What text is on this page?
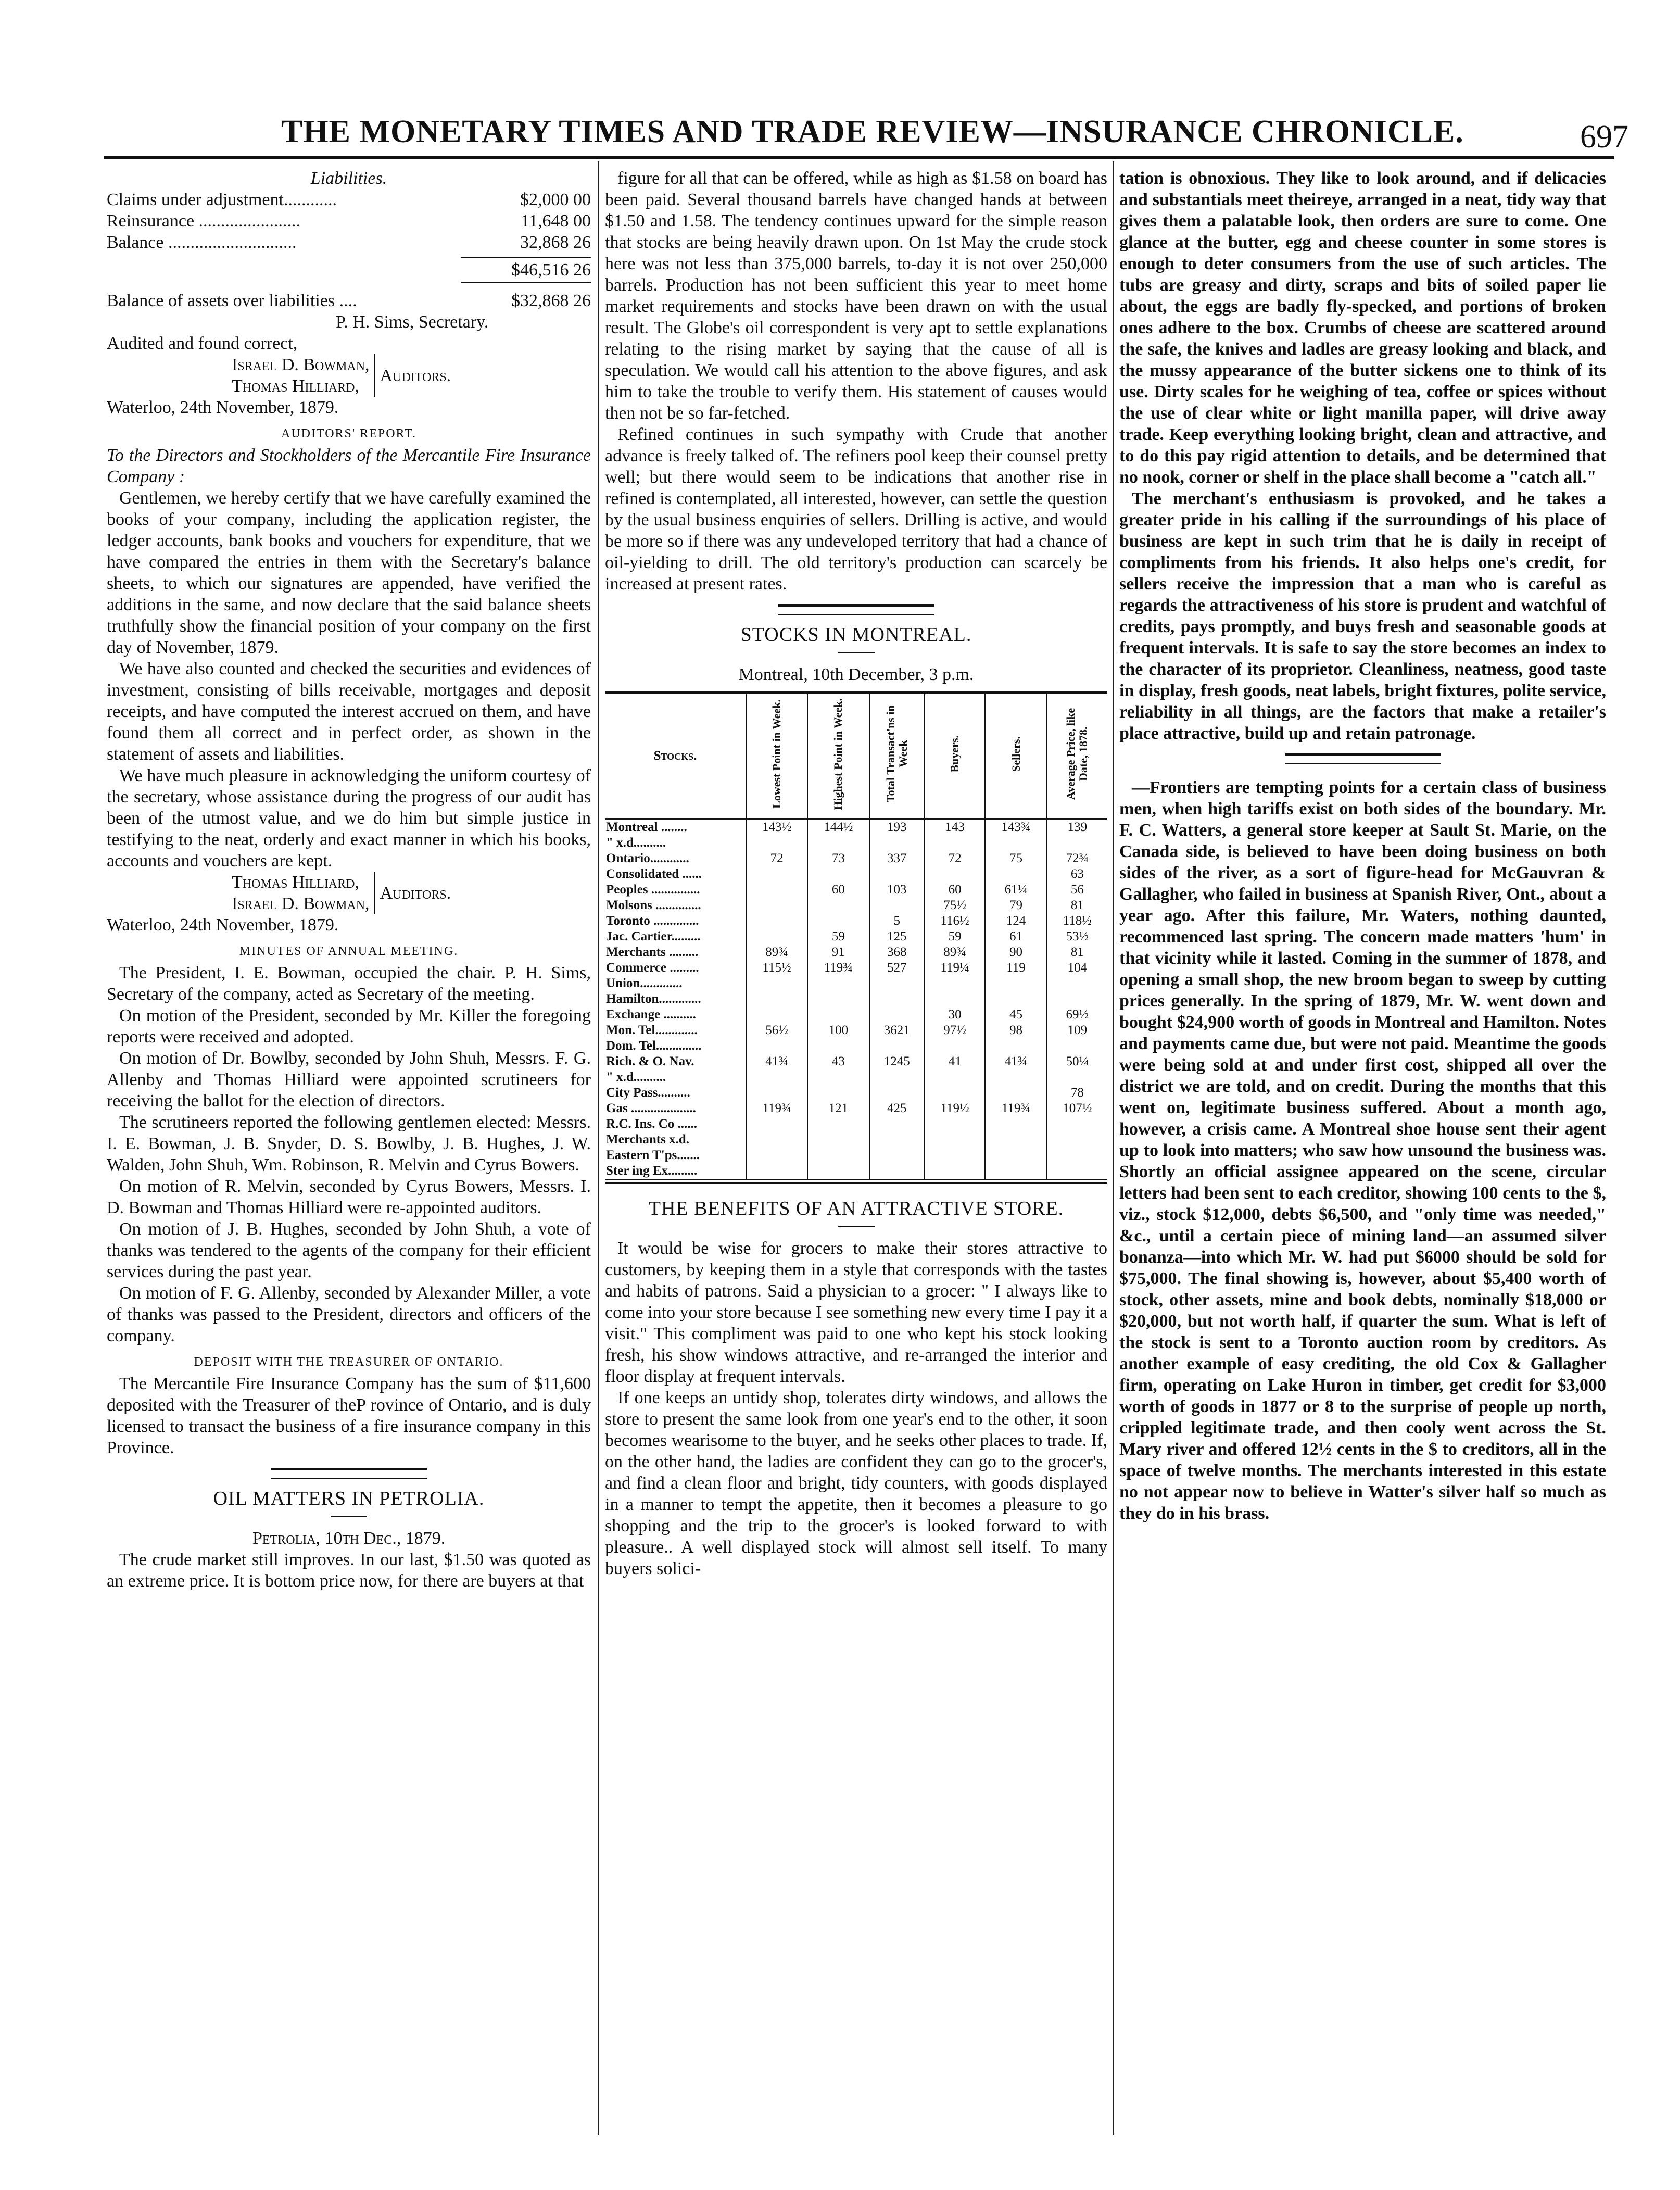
THE MONETARY TIMES AND TRADE REVIEW—INSURANCE CHRONICLE.	697

Liabilities.

Claims under adjustment............	$2,000 00
Reinsurance .......................	11,648 00
Balance .............................	32,868 26
$46,516 26
Balance of assets over liabilities ....	$32,868 26

P. H. Sims, Secretary.

Audited and found correct,

Israel D. Bowman,
Thomas Hilliard,
Auditors.

Waterloo, 24th November, 1879.

AUDITORS' REPORT.

To the Directors and Stockholders of the Mercantile Fire Insurance Company :

Gentlemen, we hereby certify that we have carefully examined the books of your company, including the application register, the ledger accounts, bank books and vouchers for expenditure, that we have compared the entries in them with the Secretary's balance sheets, to which our signatures are appended, have verified the additions in the same, and now declare that the said balance sheets truthfully show the financial position of your company on the first day of November, 1879.

We have also counted and checked the securities and evidences of investment, consisting of bills receivable, mortgages and deposit receipts, and have computed the interest accrued on them, and have found them all correct and in perfect order, as shown in the statement of assets and liabilities.

We have much pleasure in acknowledging the uniform courtesy of the secretary, whose assistance during the progress of our audit has been of the utmost value, and we do him but simple justice in testifying to the neat, orderly and exact manner in which his books, accounts and vouchers are kept.

Thomas Hilliard,
Israel D. Bowman,
Auditors.

Waterloo, 24th November, 1879.

MINUTES OF ANNUAL MEETING.

The President, I. E. Bowman, occupied the chair. P. H. Sims, Secretary of the company, acted as Secretary of the meeting.

On motion of the President, seconded by Mr. Killer the foregoing reports were received and adopted.

On motion of Dr. Bowlby, seconded by John Shuh, Messrs. F. G. Allenby and Thomas Hilliard were appointed scrutineers for receiving the ballot for the election of directors.

The scrutineers reported the following gentlemen elected: Messrs. I. E. Bowman, J. B. Snyder, D. S. Bowlby, J. B. Hughes, J. W. Walden, John Shuh, Wm. Robinson, R. Melvin and Cyrus Bowers.

On motion of R. Melvin, seconded by Cyrus Bowers, Messrs. I. D. Bowman and Thomas Hilliard were re-appointed auditors.

On motion of J. B. Hughes, seconded by John Shuh, a vote of thanks was tendered to the agents of the company for their efficient services during the past year.

On motion of F. G. Allenby, seconded by Alexander Miller, a vote of thanks was passed to the President, directors and officers of the company.

DEPOSIT WITH THE TREASURER OF ONTARIO.

The Mercantile Fire Insurance Company has the sum of $11,600 deposited with the Treasurer of theP rovince of Ontario, and is duly licensed to transact the business of a fire insurance company in this Province.

OIL MATTERS IN PETROLIA.

Petrolia, 10th Dec., 1879.

The crude market still improves. In our last, $1.50 was quoted as an extreme price. It is bottom price now, for there are buyers at that

figure for all that can be offered, while as high as $1.58 on board has been paid. Several thousand barrels have changed hands at between $1.50 and 1.58. The tendency continues upward for the simple reason that stocks are being heavily drawn upon. On 1st May the crude stock here was not less than 375,000 barrels, to-day it is not over 250,000 barrels. Production has not been sufficient this year to meet home market requirements and stocks have been drawn on with the usual result. The Globe's oil correspondent is very apt to settle explanations relating to the rising market by saying that the cause of all is speculation. We would call his attention to the above figures, and ask him to take the trouble to verify them. His statement of causes would then not be so far-fetched.

Refined continues in such sympathy with Crude that another advance is freely talked of. The refiners pool keep their counsel pretty well; but there would seem to be indications that another rise in refined is contemplated, all interested, however, can settle the question by the usual business enquiries of sellers. Drilling is active, and would be more so if there was any undeveloped territory that had a chance of oil-yielding to drill. The old territory's production can scarcely be increased at present rates.

STOCKS IN MONTREAL.

Montreal, 10th December, 3 p.m.

Stocks.	Lowest Point in Week.	Highest Point in Week.	Total Transact'ns in Week	Buyers.	Sellers.	Average Price, like Date, 1878.
Montreal ........	143½	144½	193	143	143¾	139
" x.d..........						
Ontario............	72	73	337	72	75	72¾
Consolidated ......						63
Peoples ...............		60	103	60	61¼	56
Molsons ..............				75½	79	81
Toronto ..............			5	116½	124	118½
Jac. Cartier.........		59	125	59	61	53½
Merchants .........	89¾	91	368	89¾	90	81
Commerce .........	115½	119¾	527	119¼	119	104
Union.............						
Hamilton.............						
Exchange ..........				30	45	69½
Mon. Tel.............	56½	100	3621	97½	98	109
Dom. Tel..............						
Rich. & O. Nav.	41¾	43	1245	41	41¾	50¼
" x.d..........						
City Pass..........						78
Gas ....................	119¾	121	425	119½	119¾	107½
R.C. Ins. Co ......						
Merchants x.d.						
Eastern T'ps.......						
Ster ing Ex.........						

THE BENEFITS OF AN ATTRACTIVE STORE.

It would be wise for grocers to make their stores attractive to customers, by keeping them in a style that corresponds with the tastes and habits of patrons. Said a physician to a grocer: " I always like to come into your store because I see something new every time I pay it a visit." This compliment was paid to one who kept his stock looking fresh, his show windows attractive, and re-arranged the interior and floor display at frequent intervals.

If one keeps an untidy shop, tolerates dirty windows, and allows the store to present the same look from one year's end to the other, it soon becomes wearisome to the buyer, and he seeks other places to trade. If, on the other hand, the ladies are confident they can go to the grocer's, and find a clean floor and bright, tidy counters, with goods displayed in a manner to tempt the appetite, then it becomes a pleasure to go shopping and the trip to the grocer's is looked forward to with pleasure.. A well displayed stock will almost sell itself. To many buyers solici-

tation is obnoxious. They like to look around, and if delicacies and substantials meet theireye, arranged in a neat, tidy way that gives them a palatable look, then orders are sure to come. One glance at the butter, egg and cheese counter in some stores is enough to deter consumers from the use of such articles. The tubs are greasy and dirty, scraps and bits of soiled paper lie about, the eggs are badly fly-specked, and portions of broken ones adhere to the box. Crumbs of cheese are scattered around the safe, the knives and ladles are greasy looking and black, and the mussy appearance of the butter sickens one to think of its use. Dirty scales for he weighing of tea, coffee or spices without the use of clear white or light manilla paper, will drive away trade. Keep everything looking bright, clean and attractive, and to do this pay rigid attention to details, and be determined that no nook, corner or shelf in the place shall become a "catch all."

The merchant's enthusiasm is provoked, and he takes a greater pride in his calling if the surroundings of his place of business are kept in such trim that he is daily in receipt of compliments from his friends. It also helps one's credit, for sellers receive the impression that a man who is careful as regards the attractiveness of his store is prudent and watchful of credits, pays promptly, and buys fresh and seasonable goods at frequent intervals. It is safe to say the store becomes an index to the character of its proprietor. Cleanliness, neatness, good taste in display, fresh goods, neat labels, bright fixtures, polite service, reliability in all things, are the factors that make a retailer's place attractive, build up and retain patronage.

—Frontiers are tempting points for a certain class of business men, when high tariffs exist on both sides of the boundary. Mr. F. C. Watters, a general store keeper at Sault St. Marie, on the Canada side, is believed to have been doing business on both sides of the river, as a sort of figure-head for McGauvran & Gallagher, who failed in business at Spanish River, Ont., about a year ago. After this failure, Mr. Waters, nothing daunted, recommenced last spring. The concern made matters 'hum' in that vicinity while it lasted. Coming in the summer of 1878, and opening a small shop, the new broom began to sweep by cutting prices generally. In the spring of 1879, Mr. W. went down and bought $24,900 worth of goods in Montreal and Hamilton. Notes and payments came due, but were not paid. Meantime the goods were being sold at and under first cost, shipped all over the district we are told, and on credit. During the months that this went on, legitimate business suffered. About a month ago, however, a crisis came. A Montreal shoe house sent their agent up to look into matters; who saw how unsound the business was. Shortly an official assignee appeared on the scene, circular letters had been sent to each creditor, showing 100 cents to the $, viz., stock $12,000, debts $6,500, and "only time was needed," &c., until a certain piece of mining land—an assumed silver bonanza—into which Mr. W. had put $6000 should be sold for $75,000. The final showing is, however, about $5,400 worth of stock, other assets, mine and book debts, nominally $18,000 or $20,000, but not worth half, if quarter the sum. What is left of the stock is sent to a Toronto auction room by creditors. As another example of easy crediting, the old Cox & Gallagher firm, operating on Lake Huron in timber, get credit for $3,000 worth of goods in 1877 or 8 to the surprise of people up north, crippled legitimate trade, and then cooly went across the St. Mary river and offered 12½ cents in the $ to creditors, all in the space of twelve months. The merchants interested in this estate no not appear now to believe in Watter's silver half so much as they do in his brass.
